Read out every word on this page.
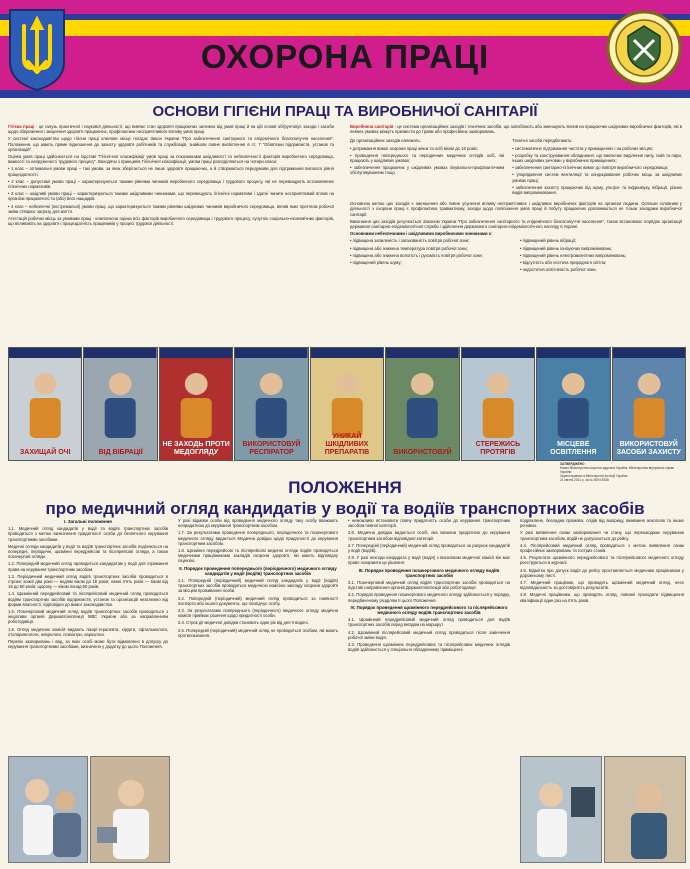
ОХОРОНА ПРАЦІ
ОСНОВИ ГІГІЄНИ ПРАЦІ ТА ВИРОБНИЧОЇ САНІТАРІЇ

Гігієна праці - це галузь практичної і наукової діяльності, що вивчає стан здоров'я працюючих залежно від умов праці й на цій основі обґрунтовує заходи і засоби щодо збереження і зміцнення здоров'я працюючих, профілактики несприятливого впливу умов праці.

У системі законодавства щодо гігієни праці ключове місце посідає Закон України "Про забезпечення санітарного та епідемічного благополуччя населення". Положення, що мають пряме відношення до захисту здоров'я робітників та службовців, знайшли повне висвітлення в ст. 7 "Обов'язки підприємств, установ та організацій".

Оцінка умов праці здійснюється на підставі "Гігієнічної класифікації умов праці за показниками шкідливості та небезпечності факторів виробничого середовища, важкості та напруженості трудового процесу". Виходячи з принципів Гігієнічної класифікації, умови праці розподіляються на чотири класи:

• 1 клас – оптимальні умови праці – такі умови, за яких зберігається не лише здоров'я працюючих, а й створюються передумови для підтримання високого рівня працездатності.

• 2 клас – допустимі умови праці – характеризуються такими рівнями чинників виробничого середовища і трудового процесу, які не перевищують встановлених гігієнічних нормативів.

• 3 клас – шкідливі умови праці – характеризуються такими шкідливими чинниками, що перевищують гігієнічні нормативи і здатні чинити несприятливий вплив на організм працюючого та (або) його нащадків.

• 4 клас – небезпечні (екстремальні) умови праці, що характеризуються такими рівнями шкідливих чинників виробничого середовища, вплив яких протягом робочої зміни створює загрозу для життя.

Атестація робочих місць за умовами праці - комплексна оцінка всіх факторів виробничого середовища і трудового процесу, супутніх соціально-економічних факторів, що впливають на здоров'я і працездатність працівників у процесі трудової діяльності.

Виробнича санітарія - це система організаційних заходів і технічних засобів, що запобігають або зменшують вплив на працюючих шкідливих виробничих факторів, які в певних умовах можуть призвести до травм або професійних захворювань.

До організаційних заходів належать:

• дотримання вимог охорони праці жінок та осіб віком до 18 років;

• проведення попереднього та періодичних медичних оглядів осіб, які працюють у шкідливих умовах;

• забезпечення працюючих у шкідливих умовах лікувально-профілактичним обслуговуванням тощо.

Технічні засоби передбачають:

• систематичне підтримання чистоти у приміщеннях і на робочих місцях;

• розробку та конструювання обладнання, що виключає виділення пилу, газів та пари, інших шкідливих речовин у виробничих приміщеннях;

• забезпечення санітарно-гігієнічних вимог до повітря виробничого середовища;

• упорядження систем вентиляції та кондиціювання робочих місць за шкідливих умовах праці;

• забезпечення захисту працюючих від шуму, ультра- та інфразвуку, вібрації, різних видів випромінювання.

Основною метою цих заходів є зменшення або повне усунення впливу несприятливих і шкідливих виробничих факторів на організм людини. Осяльки головним у діяльності з охорони праці є профілактика травматизму, заходи щодо поліпшення умов праці й побуту працюючих доповнюються не тільки заходами виробничої санітарії.

Виконання цих заходів регулюється Законом України "Про забезпечення санітарного та епідемічного благополуччя населення", також встановлює порядок організації державної санітарно-епідеміологічної служби і здійснення державного санітарно-епідеміологічного нагляду в Україні.

Основними небезпечними і шкідливими виробничими чинниками є:

• підвищена запиленість і загазованість повітря робочої зони;

• підвищена або знижена температура повітря робочої зони;

• підвищена або знижена вологість і рухомість повітря робочої зони;

• підвищений рівень шуму;

• підвищений рівень вібрації;

• підвищений рівень іонізуючих випромінювань;

• підвищений рівень електромагнітних випромінювань;

• відсутність або нестача природного світла;

• недостатня освітленість робочої зони.

ЗАХИЩАЙ ОЧІ	ВІД ВІБРАЦІЇ
НЕ ЗАХОДЬ ПРОТИ МЕДОГЛЯДУ
ВИКОРИСТОВУЙ РЕСПІРАТОР
УНИКАЙ ШКІДЛИВИХ ПРЕПАРАТІВ	ВИКОРИСТОВУЙ
СТЕРЕЖИСЬ ПРОТЯГІВ
МІСЦЕВЕ ОСВІТЛЕННЯ
ВИКОРИСТОВУЙ ЗАСОБИ ЗАХИСТУ
ЗАТВЕРДЖЕНО
Наказ Міністерства охорони здоров'я України, Міністерства внутрішніх справ України
Зареєстровано в Міністерстві юстиції України
21 квітня 2011 р. за № 500/19238
ПОЛОЖЕННЯ
про медичний огляд кандидатів у водії та водіїв транспортних засобів
І. Загальні положення

1.1. Медичний огляд кандидатів у водії та водіїв транспортних засобів проводиться з метою визначення придатності особи до безпечного керування транспортними засобами.

Медичні огляди кандидатів у водії та водіїв транспортних засобів поділяються на попередні, періодичні, щозмінні передрейсові та післярейсові огляди, а також позачергові огляди.

1.2. Попередній медичний огляд проводиться кандидатам у водії для отримання права на керування транспортним засобом.

1.3. Періодичний медичний огляд водіїв транспортних засобів проводиться в строки: кожні два роки — водіям віком до 18 років; кожні п'ять років — віком від 18 до 60 років; щороку — віком понад 60 років.

1.4. Щозмінний передрейсовий та післярейсовий медичний огляд проводиться водіям транспортних засобів підприємств, установ та організацій незалежно від форми власності, відповідно до вимог законодавства.

1.5. Позачерговий медичний огляд водіїв транспортних засобів проводиться з ініціативи органів Державтоінспекції МВС України або за направленням роботодавця.

1.6. Огляд медичних комісій видають лікарі-терапевти, хірурги, офтальмологи, отоларингологи, неврологи, психіатри, наркологи.

Перелік захворювань і вад, за яких особі може бути відмовлено в допуску до керування транспортними засобами, визначено у додатку до цього Положення.

У разі відмови особи від проведення медичного огляду таку особу вважають непридатною до керування транспортним засобом.

1.7. За результатами проведення попереднього, періодичного та позачергового медичного огляду видається Медична довідка щодо придатності до керування транспортним засобом.

1.8. Щозмінні передрейсові та післярейсові медичні огляди водіїв проводяться медичними працівниками закладів охорони здоров'я, які мають відповідну ліцензію.

ІІ. Порядок проведення попереднього (періодичного) медичного огляду кандидатів у водії (водіїв) транспортних засобів

2.1. Попередній (періодичний) медичний огляд кандидатів у водії (водіїв) транспортних засобів проводиться медичною комісією закладу охорони здоров'я за місцем проживання особи.

2.2. Попередній (періодичний) медичний огляд проводиться за наявності паспорта або іншого документа, що посвідчує особу.

2.3. За результатами попереднього (періодичного) медичного огляду медична комісія приймає рішення щодо придатності особи.

2.4. Строк дії медичної довідки становить один рік від дня її видачі.

2.5. Попередній (періодичний) медичний огляд не проводиться особам, які мають протипоказання.

• неможливо встановити повну придатність особи до керування транспортним засобом певної категорії.

2.6. Медична довідка видається особі, яка визнана придатною до керування транспортним засобом відповідної категорії.

2.7. Попередній (періодичний) медичний огляд проводиться за рахунок кандидатів у водії (водіїв).

2.8. У разі незгоди кандидата у водії (водія) з висновком медичної комісії він має право оскаржити це рішення.

ІІІ. Порядок проведення позачергового медичного огляду водіїв транспортних засобів

3.1. Позачерговий медичний огляд водіїв транспортних засобів проводиться на підставі направлення органів Державтоінспекції або роботодавця.

3.2. Порядок проведення позачергового медичного огляду здійснюється у порядку, передбаченому розділом ІІ цього Положення.

ІV. Порядок проведення щозмінного передрейсового та післярейсового медичного огляду водіїв транспортних засобів

4.1. Щозмінний передрейсовий медичний огляд проводиться для водіїв транспортних засобів перед виїздом на маршрут.

4.2. Щозмінний післярейсовий медичний огляд проводиться після закінчення робочої зміни водія.

4.3. Проведення щозмінних передрейсових та післярейсових медичних оглядів водіїв здійснюється у спеціально обладнаному приміщенні.

подряхлене, безладна промова, слідів від вшприцу, вживання алкоголю та інших речовин.

У разі виявлення ознак захворювання чи стану, що перешкоджає керуванню транспортним засобом, водій не допускається до рейсу.

4.4. Післярейсовий медичний огляд проводиться з метою виявлення ознак професійних захворювань та гострих станів.

4.5. Результати щозмінного передрейсового та післярейсового медичного огляду реєструються в журналі.

4.6. Відмітка про допуск водія до рейсу проставляється медичним працівником у дорожньому листі.

4.7. Медичний працівник, що проводить щозмінний медичний огляд, несе відповідальність за достовірність результатів.

4.8. Медичні працівники, що проводять огляд, повинні проходити підвищення кваліфікації один раз на п'ять років.
